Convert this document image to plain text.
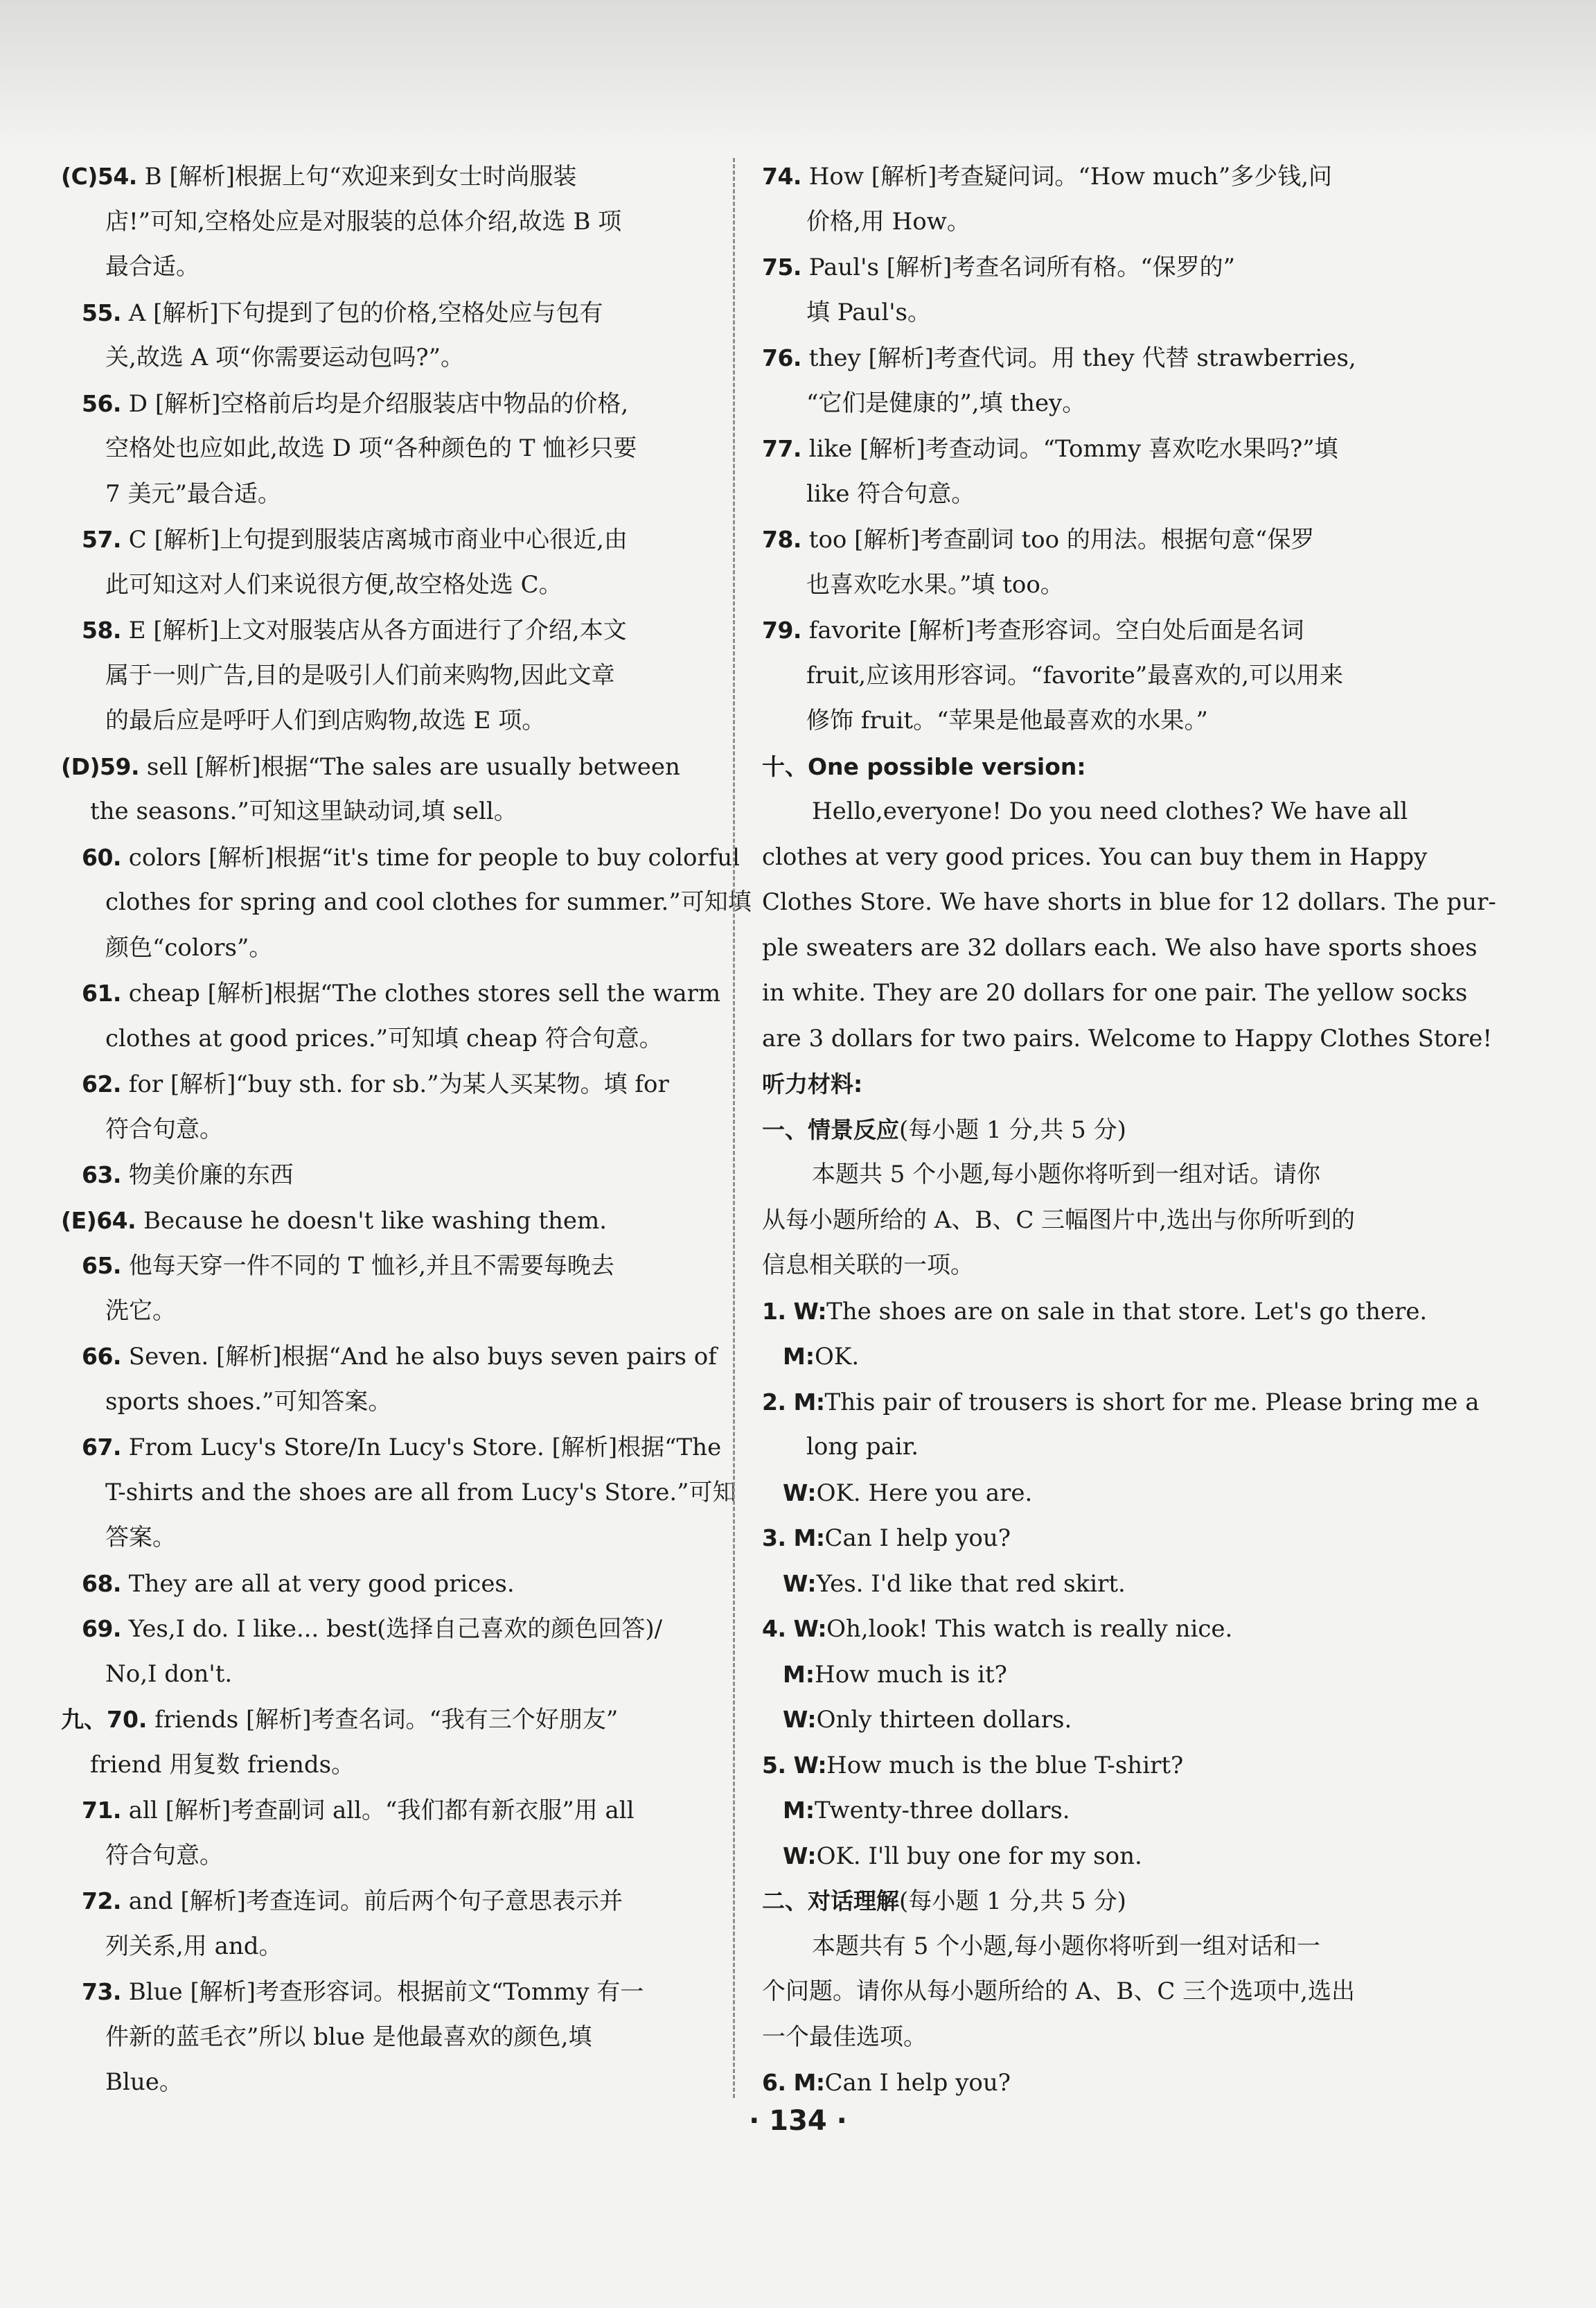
(C)54. B [解析]根据上句“欢迎来到女士时尚服装
店!”可知,空格处应是对服装的总体介绍,故选 B 项
最合适。
55. A [解析]下句提到了包的价格,空格处应与包有
关,故选 A 项“你需要运动包吗?”。
56. D [解析]空格前后均是介绍服装店中物品的价格,
空格处也应如此,故选 D 项“各种颜色的 T 恤衫只要
7 美元”最合适。
57. C [解析]上句提到服装店离城市商业中心很近,由
此可知这对人们来说很方便,故空格处选 C。
58. E [解析]上文对服装店从各方面进行了介绍,本文
属于一则广告,目的是吸引人们前来购物,因此文章
的最后应是呼吁人们到店购物,故选 E 项。
(D)59. sell [解析]根据“The sales are usually between
the seasons.”可知这里缺动词,填 sell。
60. colors [解析]根据“it's time for people to buy colorful
clothes for spring and cool clothes for summer.”可知填
颜色“colors”。
61. cheap [解析]根据“The clothes stores sell the warm
clothes at good prices.”可知填 cheap 符合句意。
62. for [解析]“buy sth. for sb.”为某人买某物。填 for
符合句意。
63. 物美价廉的东西
(E)64. Because he doesn't like washing them.
65. 他每天穿一件不同的 T 恤衫,并且不需要每晚去
洗它。
66. Seven. [解析]根据“And he also buys seven pairs of
sports shoes.”可知答案。
67. From Lucy's Store/In Lucy's Store. [解析]根据“The
T-shirts and the shoes are all from Lucy's Store.”可知
答案。
68. They are all at very good prices.
69. Yes,I do. I like... best(选择自己喜欢的颜色回答)/
No,I don't.
九、70. friends [解析]考查名词。“我有三个好朋友”
friend 用复数 friends。
71. all [解析]考查副词 all。“我们都有新衣服”用 all
符合句意。
72. and [解析]考查连词。前后两个句子意思表示并
列关系,用 and。
73. Blue [解析]考查形容词。根据前文“Tommy 有一
件新的蓝毛衣”所以 blue 是他最喜欢的颜色,填
Blue。
74. How [解析]考查疑问词。“How much”多少钱,问
价格,用 How。
75. Paul's [解析]考查名词所有格。“保罗的”
填 Paul's。
76. they [解析]考查代词。用 they 代替 strawberries,
“它们是健康的”,填 they。
77. like [解析]考查动词。“Tommy 喜欢吃水果吗?”填
like 符合句意。
78. too [解析]考查副词 too 的用法。根据句意“保罗
也喜欢吃水果。”填 too。
79. favorite [解析]考查形容词。空白处后面是名词
fruit,应该用形容词。“favorite”最喜欢的,可以用来
修饰 fruit。“苹果是他最喜欢的水果。”
十、One possible version:
Hello,everyone! Do you need clothes? We have all
clothes at very good prices. You can buy them in Happy
Clothes Store. We have shorts in blue for 12 dollars. The pur-
ple sweaters are 32 dollars each. We also have sports shoes
in white. They are 20 dollars for one pair. The yellow socks
are 3 dollars for two pairs. Welcome to Happy Clothes Store!
听力材料:
一、情景反应(每小题 1 分,共 5 分)
本题共 5 个小题,每小题你将听到一组对话。请你
从每小题所给的 A、B、C 三幅图片中,选出与你所听到的
信息相关联的一项。
1. W:The shoes are on sale in that store. Let's go there.
M:OK.
2. M:This pair of trousers is short for me. Please bring me a
long pair.
W:OK. Here you are.
3. M:Can I help you?
W:Yes. I'd like that red skirt.
4. W:Oh,look! This watch is really nice.
M:How much is it?
W:Only thirteen dollars.
5. W:How much is the blue T-shirt?
M:Twenty-three dollars.
W:OK. I'll buy one for my son.
二、对话理解(每小题 1 分,共 5 分)
本题共有 5 个小题,每小题你将听到一组对话和一
个问题。请你从每小题所给的 A、B、C 三个选项中,选出
一个最佳选项。
6. M:Can I help you?
· 134 ·
